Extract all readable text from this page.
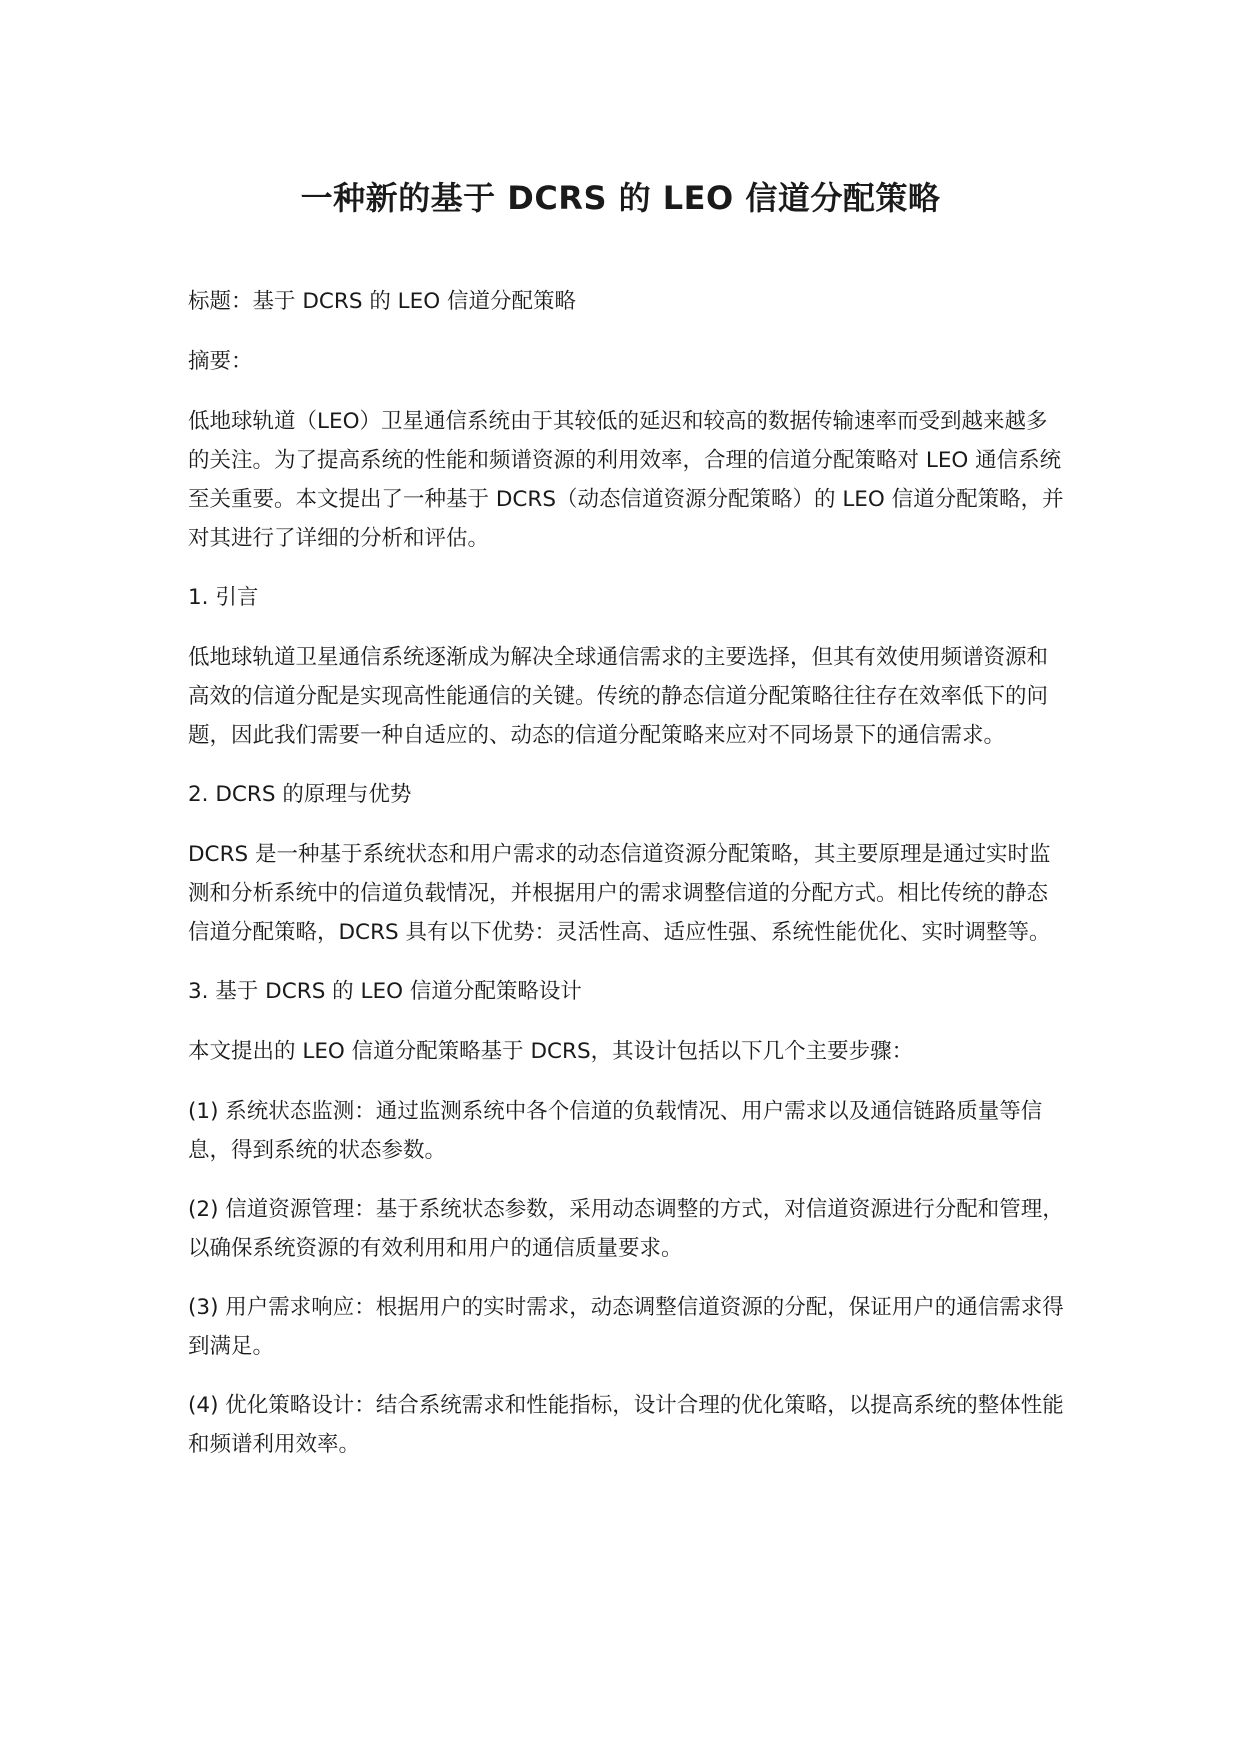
一种新的基于 DCRS 的 LEO 信道分配策略

标题：基于 DCRS 的 LEO 信道分配策略

摘要：

低地球轨道（LEO）卫星通信系统由于其较低的延迟和较高的数据传输速率而受到越来越多的关注。为了提高系统的性能和频谱资源的利用效率，合理的信道分配策略对 LEO 通信系统至关重要。本文提出了一种基于 DCRS（动态信道资源分配策略）的 LEO 信道分配策略，并对其进行了详细的分析和评估。

1. 引言

低地球轨道卫星通信系统逐渐成为解决全球通信需求的主要选择，但其有效使用频谱资源和高效的信道分配是实现高性能通信的关键。传统的静态信道分配策略往往存在效率低下的问题，因此我们需要一种自适应的、动态的信道分配策略来应对不同场景下的通信需求。

2. DCRS 的原理与优势

DCRS 是一种基于系统状态和用户需求的动态信道资源分配策略，其主要原理是通过实时监测和分析系统中的信道负载情况，并根据用户的需求调整信道的分配方式。相比传统的静态信道分配策略，DCRS 具有以下优势：灵活性高、适应性强、系统性能优化、实时调整等。

3. 基于 DCRS 的 LEO 信道分配策略设计

本文提出的 LEO 信道分配策略基于 DCRS，其设计包括以下几个主要步骤：

(1) 系统状态监测：通过监测系统中各个信道的负载情况、用户需求以及通信链路质量等信息，得到系统的状态参数。

(2) 信道资源管理：基于系统状态参数，采用动态调整的方式，对信道资源进行分配和管理，以确保系统资源的有效利用和用户的通信质量要求。

(3) 用户需求响应：根据用户的实时需求，动态调整信道资源的分配，保证用户的通信需求得到满足。

(4) 优化策略设计：结合系统需求和性能指标，设计合理的优化策略，以提高系统的整体性能和频谱利用效率。
